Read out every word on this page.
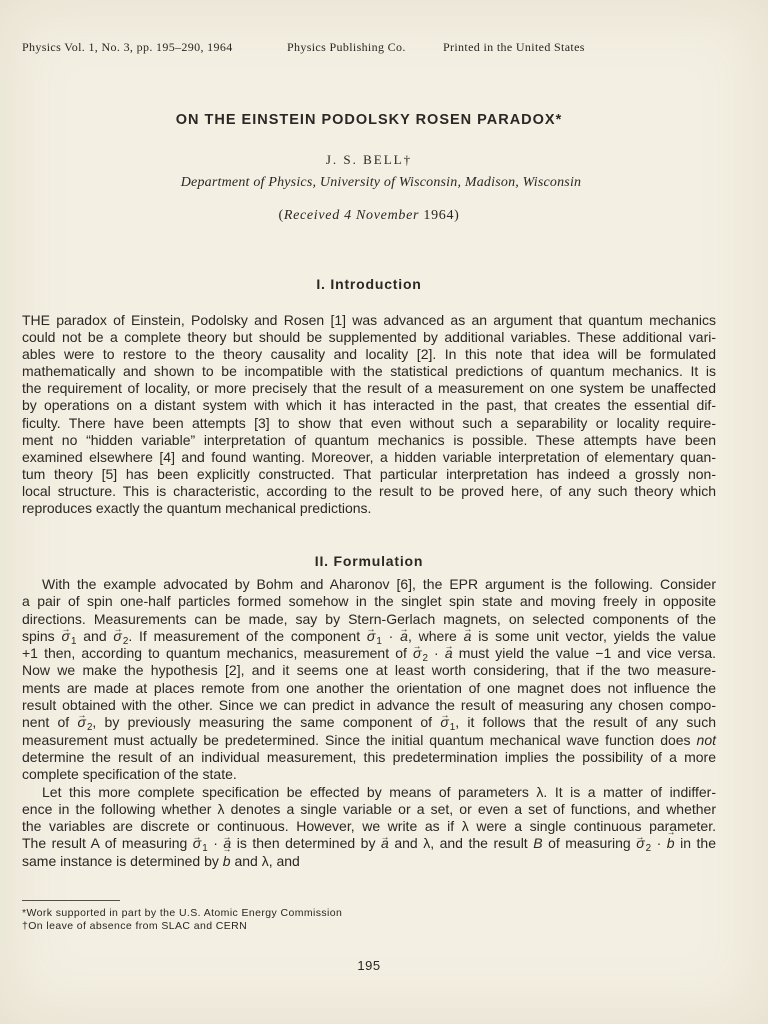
Physics Vol. 1, No. 3, pp. 195–290, 1964	Physics Publishing Co.	Printed in the United States
ON THE EINSTEIN PODOLSKY ROSEN PARADOX*
J. S. BELL†
Department of Physics, University of Wisconsin, Madison, Wisconsin
(Received 4 November 1964)
I. Introduction
THE paradox of Einstein, Podolsky and Rosen [1] was advanced as an argument that quantum mechanics
could not be a complete theory but should be supplemented by additional variables. These additional vari-
ables were to restore to the theory causality and locality [2]. In this note that idea will be formulated
mathematically and shown to be incompatible with the statistical predictions of quantum mechanics. It is
the requirement of locality, or more precisely that the result of a measurement on one system be unaffected
by operations on a distant system with which it has interacted in the past, that creates the essential dif-
ficulty. There have been attempts [3] to show that even without such a separability or locality require-
ment no “hidden variable” interpretation of quantum mechanics is possible. These attempts have been
examined elsewhere [4] and found wanting. Moreover, a hidden variable interpretation of elementary quan-
tum theory [5] has been explicitly constructed. That particular interpretation has indeed a grossly non-
local structure. This is characteristic, according to the result to be proved here, of any such theory which
reproduces exactly the quantum mechanical predictions.
II. Formulation
With the example advocated by Bohm and Aharonov [6], the EPR argument is the following. Consider
a pair of spin one-half particles formed somehow in the singlet spin state and moving freely in opposite
directions. Measurements can be made, say by Stern-Gerlach magnets, on selected components of the
spins → $\sigma_1$ and → $\sigma_2$. If measurement of the component → $\sigma_1$ · → a, where → a is some unit vector, yields the value
+1 then, according to quantum mechanics, measurement of → $\sigma_2$ · → a must yield the value −1 and vice versa.
Now we make the hypothesis [2], and it seems one at least worth considering, that if the two measure-
ments are made at places remote from one another the orientation of one magnet does not influence the
result obtained with the other. Since we can predict in advance the result of measuring any chosen compo-
nent of → $\sigma_2$, by previously measuring the same component of → $\sigma_1$, it follows that the result of any such
measurement must actually be predetermined. Since the initial quantum mechanical wave function does not
determine the result of an individual measurement, this predetermination implies the possibility of a more
complete specification of the state.
Let this more complete specification be effected by means of parameters λ. It is a matter of indiffer-
ence in the following whether λ denotes a single variable or a set, or even a set of functions, and whether
the variables are discrete or continuous. However, we write as if λ were a single continuous parameter.
The result A of measuring → $\sigma_1$ · → a is then determined by → a and λ, and the result B of measuring → $\sigma_2$ · → b in the
same instance is determined by → b and λ, and
*Work supported in part by the U.S. Atomic Energy Commission
†On leave of absence from SLAC and CERN
195
